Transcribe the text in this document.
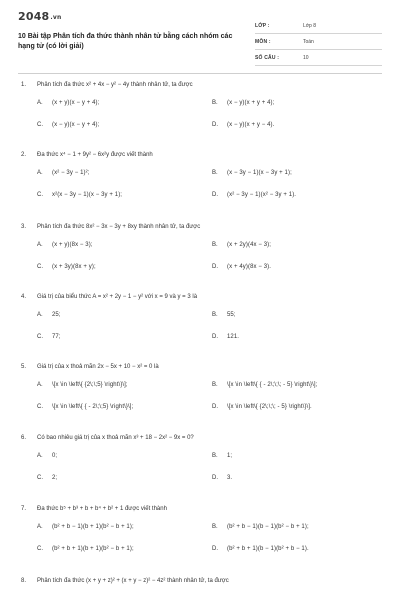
2048.vn
10 Bài tập Phân tích đa thức thành nhân tử bằng cách nhóm các hạng tử (có lời giải)
LỚP :	Lớp 8
MÔN :	Toán
SỐ CÂU :	10
1. Phân tích đa thức x² + 4x − y² − 4y thành nhân tử, ta được
A. (x + y)(x − y + 4);	B. (x − y)(x + y + 4);
C. (x − y)(x − y + 4);	D. (x − y)(x + y − 4).
2. Đa thức x⁴ − 1 + 9y² − 6x²y được viết thành
A. (x² − 3y − 1)²;	B. (x − 3y − 1)(x − 3y + 1);
C. x²(x − 3y − 1)(x − 3y + 1);	D. (x² − 3y − 1)(x² − 3y + 1).
3. Phân tích đa thức 8x² − 3x − 3y + 8xy thành nhân tử, ta được
A. (x + y)(8x − 3);	B. (x + 2y)(4x − 3);
C. (x + 3y)(8x + y);	D. (x + 4y)(8x − 3).
4. Giá trị của biểu thức A = x² + 2y − 1 − y² với x = 9 và y = 3 là
A. 25;	B. 55;
C. 77;	D. 121.
5. Giá trị của x thoả mãn 2x − 5x + 10 − x² = 0 là
A. \[x \in \left\{ {2\;\;5} \right\}\];	B. \[x \in \left\{ { - 2\;\;\; - 5} \right\}\];
C. \[x \in \left\{ { - 2\;\;5} \right\}\];	D. \[x \in \left\{ {2\;\;\; - 5} \right\}\].
6. Có bao nhiêu giá trị của x thoả mãn x³ + 18 − 2x² − 9x = 0?
A. 0;	B. 1;
C. 2;	D. 3.
7. Đa thức b⁵ + b³ + b + b⁴ + b² + 1 được viết thành
A. (b² + b − 1)(b + 1)(b² − b + 1);	B. (b² + b − 1)(b − 1)(b² − b + 1);
C. (b² + b + 1)(b + 1)(b² − b + 1);	D. (b² + b + 1)(b − 1)(b² + b − 1).
8. Phân tích đa thức (x + y + z)² + (x + y − z)² − 4z² thành nhân tử, ta được
